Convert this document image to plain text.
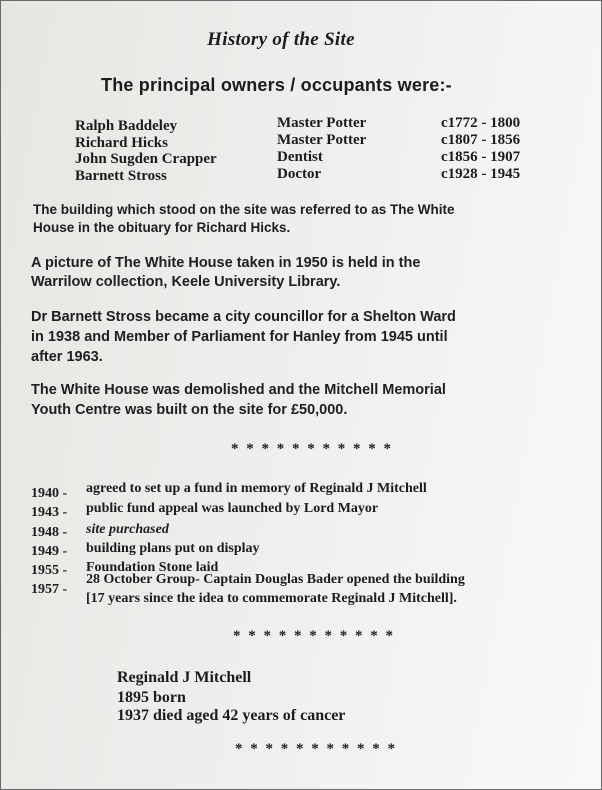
History of the Site
The principal owners / occupants were:-
Ralph Baddeley	Master Potter	c1772 - 1800
Richard Hicks	Master Potter	c1807 - 1856
John Sugden Crapper	Dentist	c1856 - 1907
Barnett Stross	Doctor	c1928 - 1945
The building which stood on the site was referred to as The White
House in the obituary for Richard Hicks.
A picture of The White House taken in 1950 is held in the
Warrilow collection, Keele University Library.
Dr Barnett Stross became a city councillor for a Shelton Ward
in 1938 and Member of Parliament for Hanley from 1945 until
after 1963.
The White House was demolished and the Mitchell Memorial
Youth Centre was built on the site for £50,000.
* * * * * * * * * * *
1940 - agreed to set up a fund in memory of Reginald J Mitchell
1943 - public fund appeal was launched by Lord Mayor
1948 - site purchased
1949 - building plans put on display
1955 - Foundation Stone laid
1957 -
28 October Group- Captain Douglas Bader opened the building
[17 years since the idea to commemorate Reginald J Mitchell].
* * * * * * * * * * *
Reginald J Mitchell
1895 born
1937 died aged 42 years of cancer
* * * * * * * * * * *
